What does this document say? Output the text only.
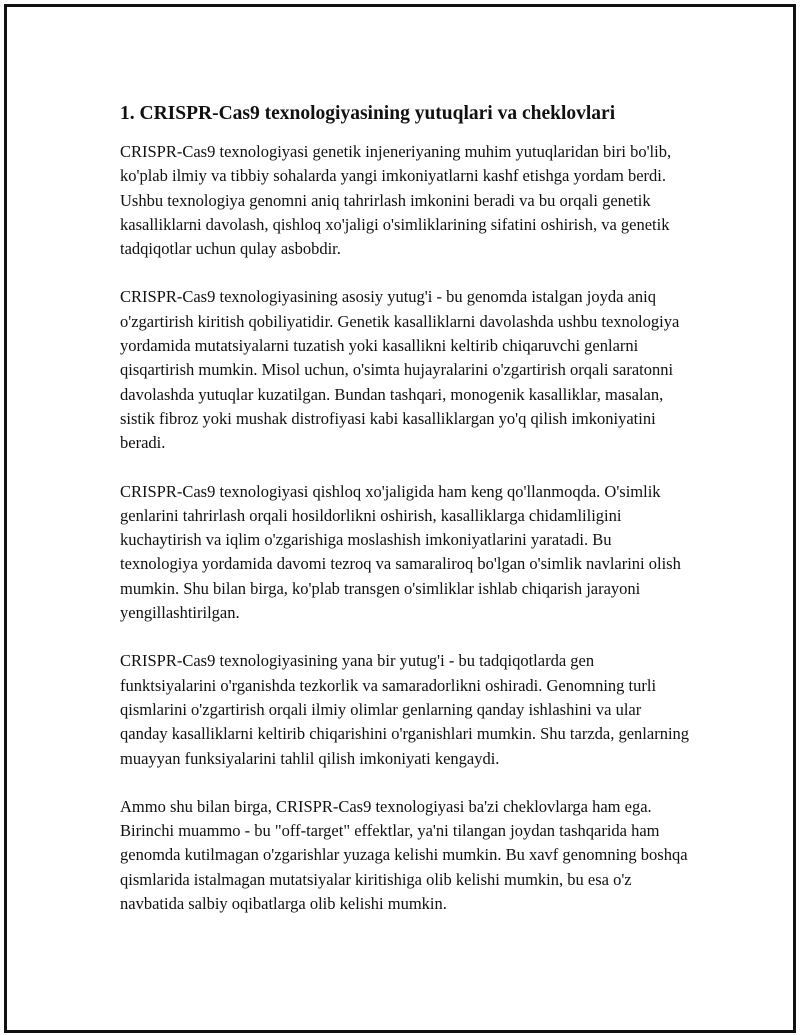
1. CRISPR-Cas9 texnologiyasining yutuqlari va cheklovlari

CRISPR-Cas9 texnologiyasi genetik injeneriyaning muhim yutuqlaridan biri bo'lib, ko'plab ilmiy va tibbiy sohalarda yangi imkoniyatlarni kashf etishga yordam berdi. Ushbu texnologiya genomni aniq tahrirlash imkonini beradi va bu orqali genetik kasalliklarni davolash, qishloq xo'jaligi o'simliklarining sifatini oshirish, va genetik tadqiqotlar uchun qulay asbobdir.

CRISPR-Cas9 texnologiyasining asosiy yutug'i - bu genomda istalgan joyda aniq o'zgartirish kiritish qobiliyatidir. Genetik kasalliklarni davolashda ushbu texnologiya yordamida mutatsiyalarni tuzatish yoki kasallikni keltirib chiqaruvchi genlarni qisqartirish mumkin. Misol uchun, o'simta hujayralarini o'zgartirish orqali saratonni davolashda yutuqlar kuzatilgan. Bundan tashqari, monogenik kasalliklar, masalan, sistik fibroz yoki mushak distrofiyasi kabi kasalliklargan yo'q qilish imkoniyatini beradi.

CRISPR-Cas9 texnologiyasi qishloq xo'jaligida ham keng qo'llanmoqda. O'simlik genlarini tahrirlash orqali hosildorlikni oshirish, kasalliklarga chidamliligini kuchaytirish va iqlim o'zgarishiga moslashish imkoniyatlarini yaratadi. Bu texnologiya yordamida davomi tezroq va samaraliroq bo'lgan o'simlik navlarini olish mumkin. Shu bilan birga, ko'plab transgen o'simliklar ishlab chiqarish jarayoni yengillashtirilgan.

CRISPR-Cas9 texnologiyasining yana bir yutug'i - bu tadqiqotlarda gen funktsiyalarini o'rganishda tezkorlik va samaradorlikni oshiradi. Genomning turli qismlarini o'zgartirish orqali ilmiy olimlar genlarning qanday ishlashini va ular qanday kasalliklarni keltirib chiqarishini o'rganishlari mumkin. Shu tarzda, genlarning muayyan funksiyalarini tahlil qilish imkoniyati kengaydi.

Ammo shu bilan birga, CRISPR-Cas9 texnologiyasi ba'zi cheklovlarga ham ega. Birinchi muammo - bu "off-target" effektlar, ya'ni tilangan joydan tashqarida ham genomda kutilmagan o'zgarishlar yuzaga kelishi mumkin. Bu xavf genomning boshqa qismlarida istalmagan mutatsiyalar kiritishiga olib kelishi mumkin, bu esa o'z navbatida salbiy oqibatlarga olib kelishi mumkin.
